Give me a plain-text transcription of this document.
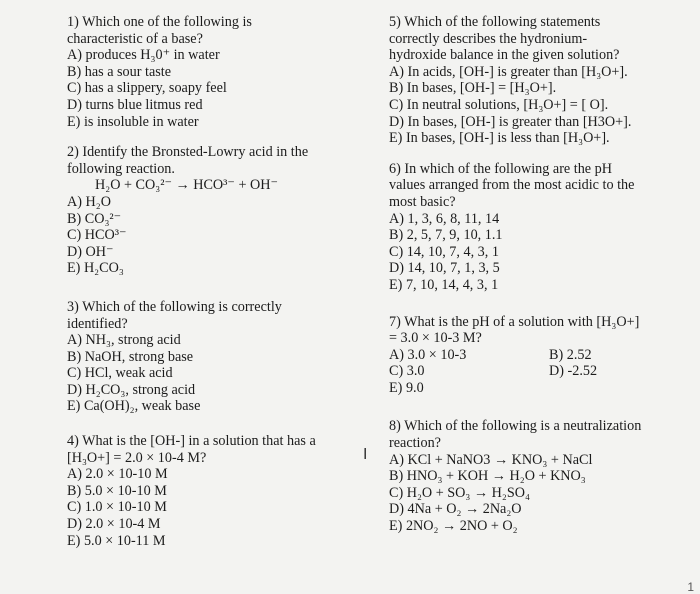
1) Which one of the following is

characteristic of a base?

A) produces H₃0⁺ in water

B) has a sour taste

C) has a slippery, soapy feel

D) turns blue litmus red

E) is insoluble in water

2) Identify the Bronsted-Lowry acid in the

following reaction.

H₂O + CO₃²⁻ → HCO³⁻ + OH⁻

A) H₂O

B) CO₃²⁻

C) HCO³⁻

D) OH⁻

E) H₂CO₃

3) Which of the following is correctly

identified?

A) NH₃, strong acid

B) NaOH, strong base

C) HCl, weak acid

D) H₂CO₃, strong acid

E) Ca(OH)₂, weak base

4) What is the [OH-] in a solution that has a

[H₃O+] = 2.0 × 10-4 M?

A) 2.0 × 10-10 M

B) 5.0 × 10-10 M

C) 1.0 × 10-10 M

D) 2.0 × 10-4 M

E) 5.0 × 10-11 M

5) Which of the following statements

correctly describes the hydronium-

hydroxide balance in the given solution?

A) In acids, [OH-] is greater than [H₃O+].

B) In bases, [OH-] = [H₃O+].

C) In neutral solutions, [H₃O+] = [ O].

D) In bases, [OH-] is greater than [H3O+].

E) In bases, [OH-] is less than [H₃O+].

6) In which of the following are the pH

values arranged from the most acidic to the

most basic?

A) 1, 3, 6, 8, 11, 14

B) 2, 5, 7, 9, 10, 1.1

C) 14, 10, 7, 4, 3, 1

D) 14, 10, 7, 1, 3, 5

E) 7, 10, 14, 4, 3, 1

7) What is the pH of a solution with [H₃O+]

= 3.0 × 10-3 M?

A) 3.0 × 10-3	B) 2.52

C) 3.0	D) -2.52

E) 9.0

8) Which of the following is a neutralization

reaction?

A) KCl + NaNO3 → KNO₃ + NaCl

B) HNO₃ + KOH → H₂O + KNO₃

C) H₂O + SO₃ → H₂SO₄

D) 4Na + O₂ → 2Na₂O

E) 2NO₂ → 2NO + O₂

I
1
